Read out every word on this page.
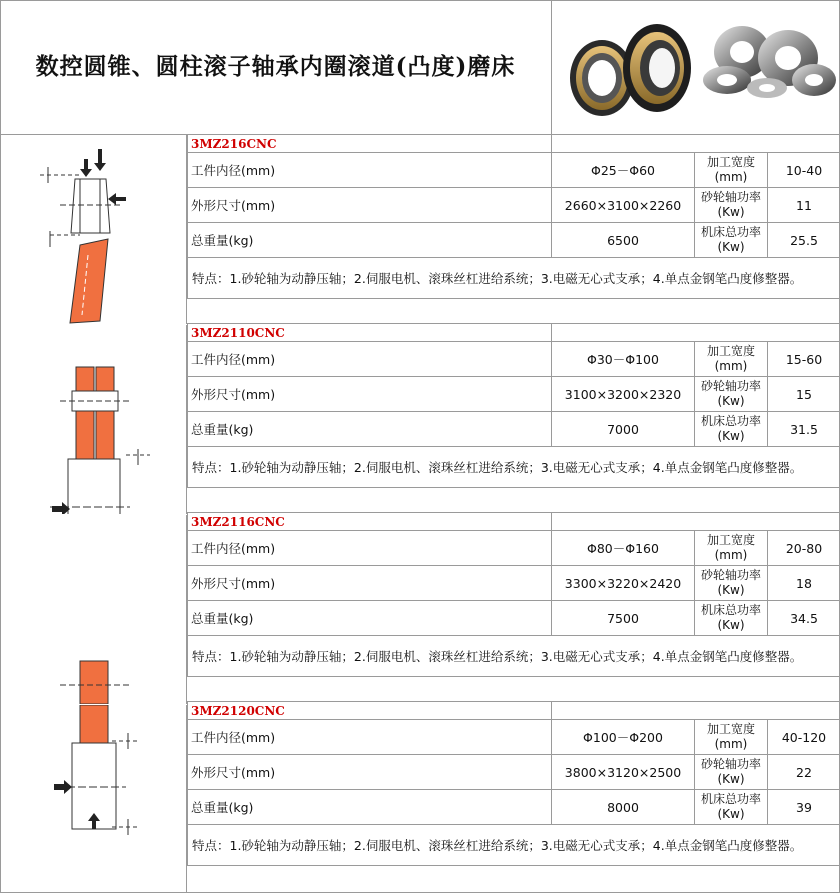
数控圆锥、圆柱滚子轴承内圈滚道(凸度)磨床
3MZ216CNC			
工件内径(mm)	Φ25－Φ60	加工宽度(mm)	10-40
外形尺寸(mm)	2660×3100×2260	砂轮轴功率(Kw)	11
总重量(kg)	6500	机床总功率(Kw)	25.5
特点：1.砂轮轴为动静压轴；2.伺服电机、滚珠丝杠进给系统；3.电磁无心式支承；4.单点金钢笔凸度修整器。			
3MZ2110CNC			
工件内径(mm)	Φ30－Φ100	加工宽度(mm)	15-60
外形尺寸(mm)	3100×3200×2320	砂轮轴功率(Kw)	15
总重量(kg)	7000	机床总功率(Kw)	31.5
特点：1.砂轮轴为动静压轴；2.伺服电机、滚珠丝杠进给系统；3.电磁无心式支承；4.单点金钢笔凸度修整器。			
3MZ2116CNC			
工件内径(mm)	Φ80－Φ160	加工宽度(mm)	20-80
外形尺寸(mm)	3300×3220×2420	砂轮轴功率(Kw)	18
总重量(kg)	7500	机床总功率(Kw)	34.5
特点：1.砂轮轴为动静压轴；2.伺服电机、滚珠丝杠进给系统；3.电磁无心式支承；4.单点金钢笔凸度修整器。			
3MZ2120CNC			
工件内径(mm)	Φ100－Φ200	加工宽度(mm)	40-120
外形尺寸(mm)	3800×3120×2500	砂轮轴功率(Kw)	22
总重量(kg)	8000	机床总功率(Kw)	39
特点：1.砂轮轴为动静压轴；2.伺服电机、滚珠丝杠进给系统；3.电磁无心式支承；4.单点金钢笔凸度修整器。			
